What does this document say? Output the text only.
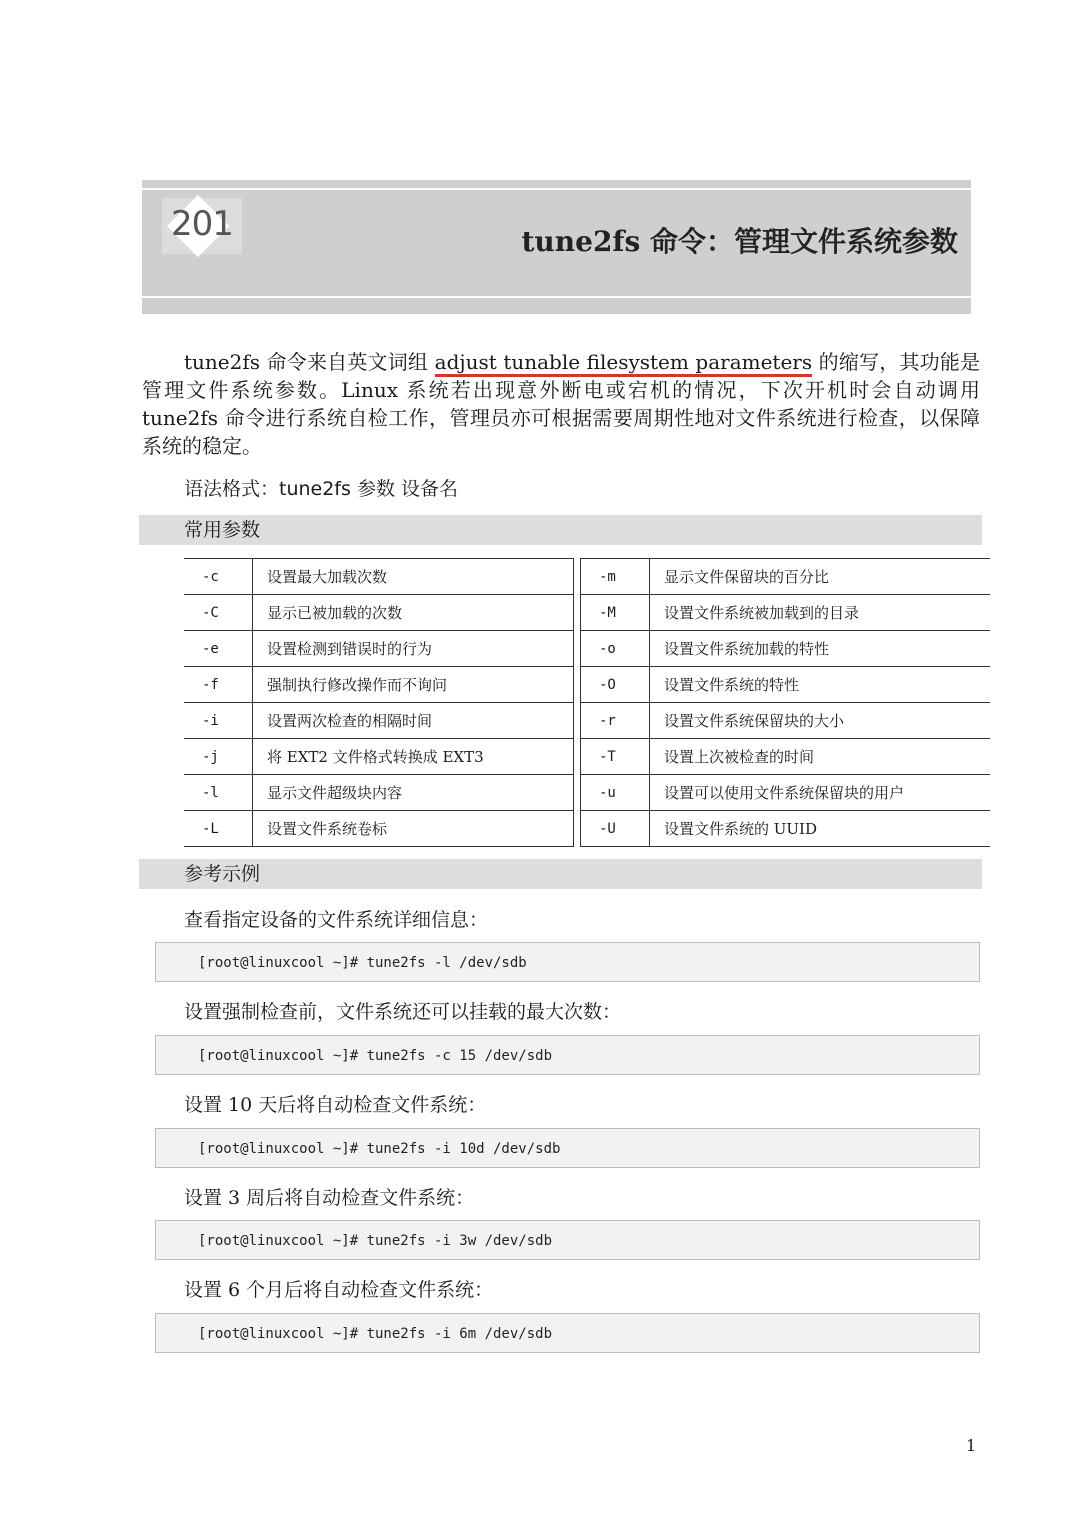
201	tune2fs 命令：管理文件系统参数

tune2fs 命令来自英文词组 adjust tunable filesystem parameters 的缩写，其功能是管理文件系统参数。Linux 系统若出现意外断电或宕机的情况，下次开机时会自动调用 tune2fs 命令进行系统自检工作，管理员亦可根据需要周期性地对文件系统进行检查，以保障系统的稳定。

语法格式：tune2fs 参数 设备名
常用参数
-c	设置最大加载次数		-m	显示文件保留块的百分比
-C	显示已被加载的次数		-M	设置文件系统被加载到的目录
-e	设置检测到错误时的行为		-o	设置文件系统加载的特性
-f	强制执行修改操作而不询问		-O	设置文件系统的特性
-i	设置两次检查的相隔时间		-r	设置文件系统保留块的大小
-j	将 EXT2 文件格式转换成 EXT3		-T	设置上次被检查的时间
-l	显示文件超级块内容		-u	设置可以使用文件系统保留块的用户
-L	设置文件系统卷标		-U	设置文件系统的 UUID
参考示例
查看指定设备的文件系统详细信息：
[root@linuxcool ~]# tune2fs -l /dev/sdb
设置强制检查前，文件系统还可以挂载的最大次数：
[root@linuxcool ~]# tune2fs -c 15 /dev/sdb
设置 10 天后将自动检查文件系统：
[root@linuxcool ~]# tune2fs -i 10d /dev/sdb
设置 3 周后将自动检查文件系统：
[root@linuxcool ~]# tune2fs -i 3w /dev/sdb
设置 6 个月后将自动检查文件系统：
[root@linuxcool ~]# tune2fs -i 6m /dev/sdb
1
